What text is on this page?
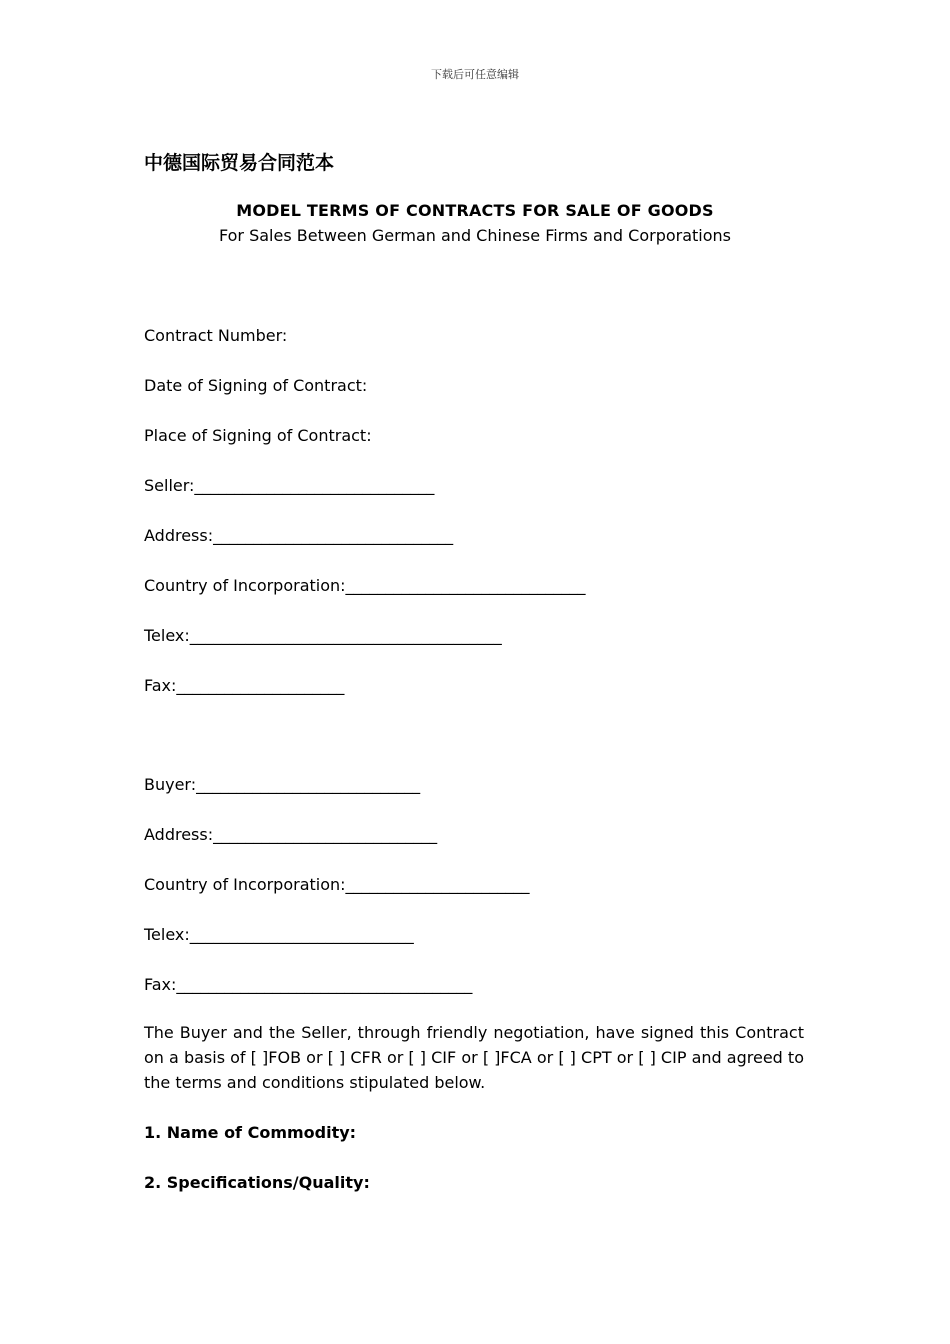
下载后可任意编辑
中德国际贸易合同范本
MODEL TERMS OF CONTRACTS FOR SALE OF GOODS
For Sales Between German and Chinese Firms and Corporations
Contract Number:
Date of Signing of Contract:
Place of Signing of Contract:
Seller:______________________________
Address:______________________________
Country of Incorporation:______________________________
Telex:_______________________________________
Fax:_____________________
Buyer:____________________________
Address:____________________________
Country of Incorporation:_______________________
Telex:____________________________
Fax:_____________________________________
The Buyer and the Seller, through friendly negotiation, have signed this Contract on a basis of [ ]FOB or [ ] CFR or [ ] CIF or [ ]FCA or [ ] CPT or [ ] CIP and agreed to the terms and conditions stipulated below.
1. Name of Commodity:
2. Specifications/Quality:
